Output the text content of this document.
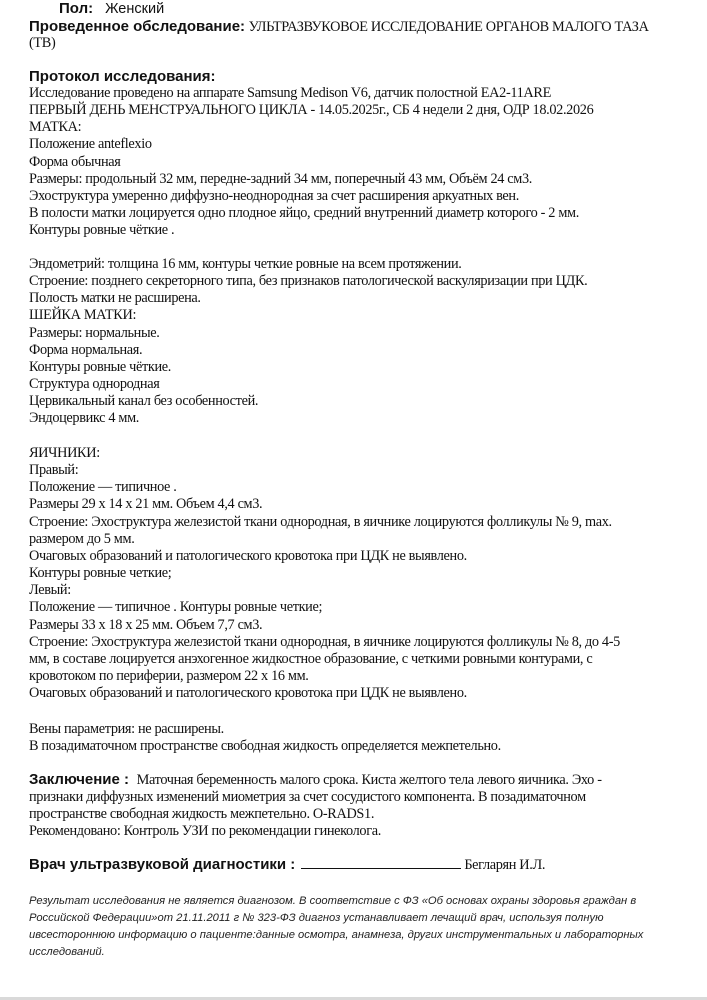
Пол: Женский
Проведенное обследование: УЛЬТРАЗВУКОВОЕ ИССЛЕДОВАНИЕ ОРГАНОВ МАЛОГО ТАЗА
(ТВ)
Протокол исследования:
Исследование проведено на аппарате Samsung Medison V6, датчик полостной EA2-11ARE
ПЕРВЫЙ ДЕНЬ МЕНСТРУАЛЬНОГО ЦИКЛА - 14.05.2025г., СБ 4 недели 2 дня, ОДР 18.02.2026
МАТКА:
Положение anteflexio
Форма обычная
Размеры: продольный 32 мм, передне-задний 34 мм, поперечный 43 мм, Объём 24 см3.
Эхоструктура умеренно диффузно-неоднородная за счет расширения аркуатных вен.
В полости матки лоцируется одно плодное яйцо, средний внутренний диаметр которого - 2 мм.
Контуры ровные чёткие .
Эндометрий: толщина 16 мм, контуры четкие ровные на всем протяжении.
Строение: позднего секреторного типа, без признаков патологической васкуляризации при ЦДК.
Полость матки не расширена.
ШЕЙКА МАТКИ:
Размеры: нормальные.
Форма нормальная.
Контуры ровные чёткие.
Структура однородная
Цервикальный канал без особенностей.
Эндоцервикс 4 мм.
ЯИЧНИКИ:
Правый:
Положение — типичное .
Размеры 29 x 14 x 21 мм. Объем 4,4 см3.
Строение: Эхоструктура железистой ткани однородная, в яичнике лоцируются фолликулы № 9, max.
размером до 5 мм.
Очаговых образований и патологического кровотока при ЦДК не выявлено.
Контуры ровные четкие;
Левый:
Положение — типичное . Контуры ровные четкие;
Размеры 33 x 18 x 25 мм. Объем 7,7 см3.
Строение: Эхоструктура железистой ткани однородная, в яичнике лоцируются фолликулы № 8, до 4-5
мм, в составе лоцируется анэхогенное жидкостное образование, с четкими ровными контурами, с
кровотоком по периферии, размером 22 x 16 мм.
Очаговых образований и патологического кровотока при ЦДК не выявлено.
Вены параметрия: не расширены.
В позадиматочном пространстве свободная жидкость определяется межпетельно.
Заключение : Маточная беременность малого срока. Киста желтого тела левого яичника. Эхо -
признаки диффузных изменений миометрия за счет сосудистого компонента. В позадиматочном
пространстве свободная жидкость межпетельно. O-RADS1.
Рекомендовано: Контроль УЗИ по рекомендации гинеколога.
Врач ультразвуковой диагностики :	Бегларян И.Л.
Результат исследования не является диагнозом. В соответствие с ФЗ «Об основах охраны здоровья граждан в
Российской Федерации»от 21.11.2011 г № 323-ФЗ диагноз устанавливает лечащий врач, используя полную
ивсестороннюю информацию о пациенте:данные осмотра, анамнеза, других инструментальных и лабораторных
исследований.
